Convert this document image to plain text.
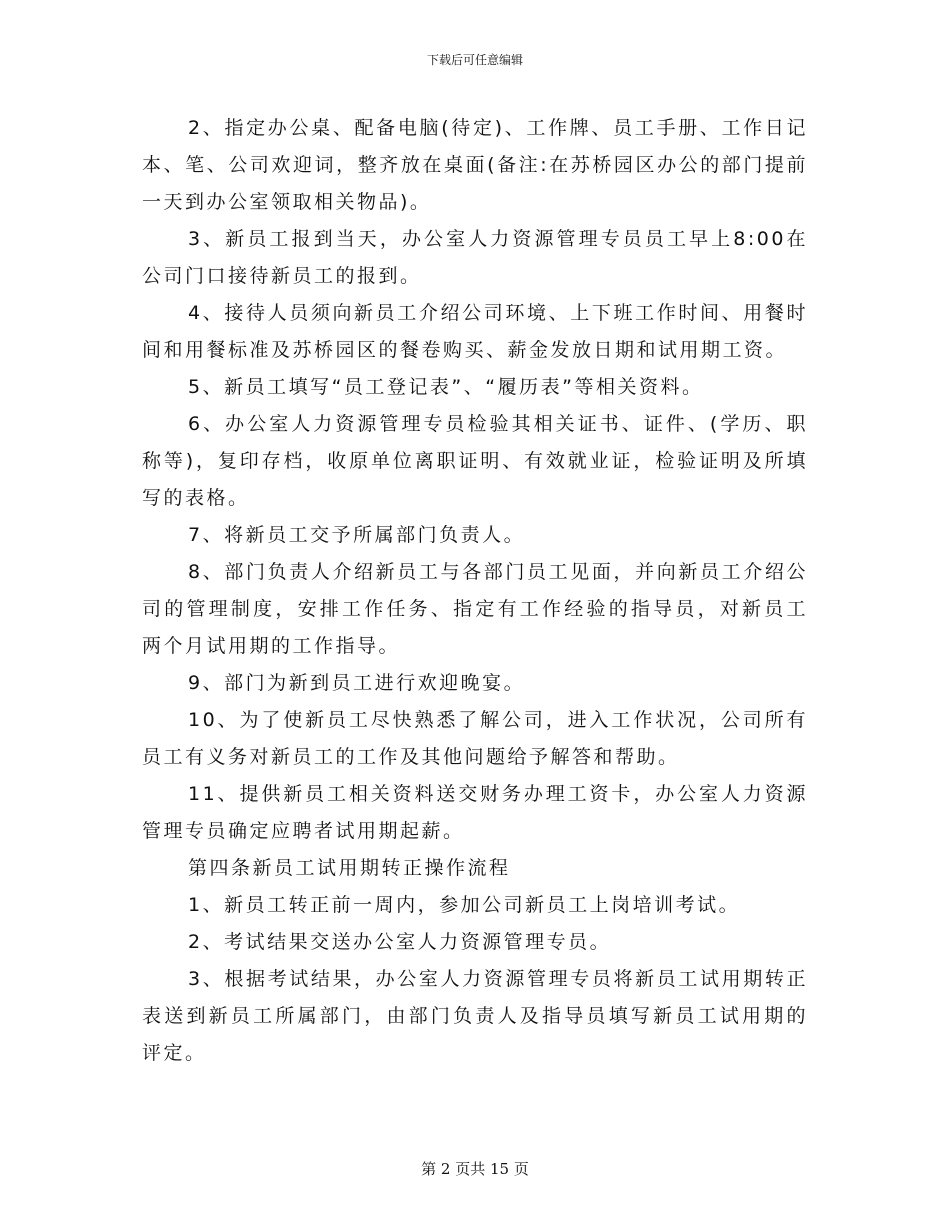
下载后可任意编辑

2、指定办公桌、配备电脑(待定)、工作牌、员工手册、工作日记本、笔、公司欢迎词，整齐放在桌面(备注:在苏桥园区办公的部门提前一天到办公室领取相关物品)。

3、新员工报到当天，办公室人力资源管理专员员工早上8:00在公司门口接待新员工的报到。

4、接待人员须向新员工介绍公司环境、上下班工作时间、用餐时间和用餐标准及苏桥园区的餐卷购买、薪金发放日期和试用期工资。

5、新员工填写“员工登记表”、“履历表”等相关资料。

6、办公室人力资源管理专员检验其相关证书、证件、(学历、职称等)，复印存档，收原单位离职证明、有效就业证，检验证明及所填写的表格。

7、将新员工交予所属部门负责人。

8、部门负责人介绍新员工与各部门员工见面，并向新员工介绍公司的管理制度，安排工作任务、指定有工作经验的指导员，对新员工两个月试用期的工作指导。

9、部门为新到员工进行欢迎晚宴。

10、为了使新员工尽快熟悉了解公司，进入工作状况，公司所有员工有义务对新员工的工作及其他问题给予解答和帮助。

11、提供新员工相关资料送交财务办理工资卡，办公室人力资源管理专员确定应聘者试用期起薪。

第四条新员工试用期转正操作流程

1、新员工转正前一周内，参加公司新员工上岗培训考试。

2、考试结果交送办公室人力资源管理专员。

3、根据考试结果，办公室人力资源管理专员将新员工试用期转正表送到新员工所属部门，由部门负责人及指导员填写新员工试用期的评定。

第 2 页共 15 页
